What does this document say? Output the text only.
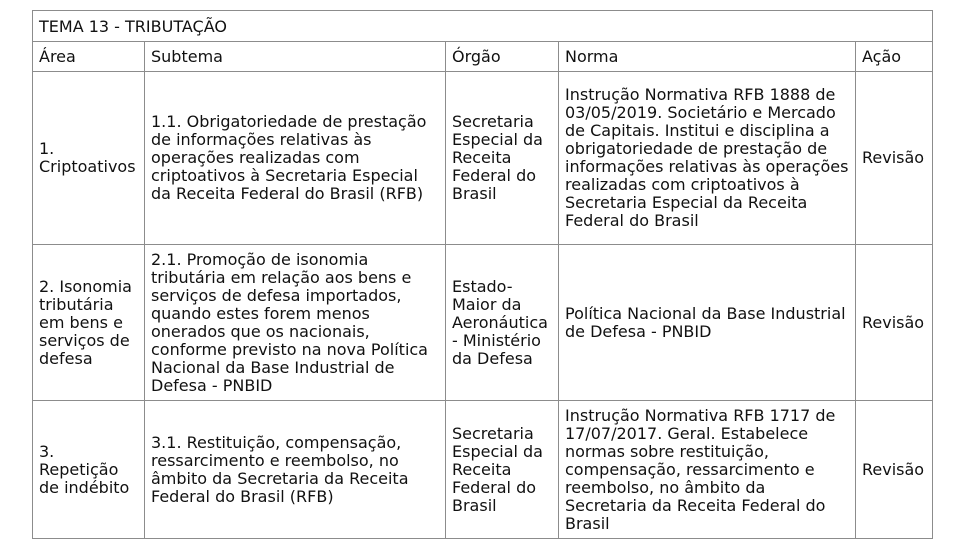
TEMA 13 - TRIBUTAÇÃO				
Área	Subtema	Órgão	Norma	Ação

1. Criptoativos	1.1. Obrigatoriedade de prestação de informações relativas às operações realizadas com criptoativos à Secretaria Especial da Receita Federal do Brasil (RFB)	Secretaria Especial da Receita Federal do Brasil	Instrução Normativa RFB 1888 de 03/05/2019. Societário e Mercado de Capitais. Institui e disciplina a obrigatoriedade de prestação de informações relativas às operações realizadas com criptoativos à Secretaria Especial da Receita Federal do Brasil	Revisão

2. Isonomia tributária em bens e serviços de defesa	2.1. Promoção de isonomia tributária em relação aos bens e serviços de defesa importados, quando estes forem menos onerados que os nacionais, conforme previsto na nova Política Nacional da Base Industrial de Defesa - PNBID	Estado-Maior da Aeronáutica - Ministério da Defesa	Política Nacional da Base Industrial de Defesa - PNBID	Revisão

3. Repetição de indébito	3.1. Restituição, compensação, ressarcimento e reembolso, no âmbito da Secretaria da Receita Federal do Brasil (RFB)	Secretaria Especial da Receita Federal do Brasil	Instrução Normativa RFB 1717 de 17/07/2017. Geral. Estabelece normas sobre restituição, compensação, ressarcimento e reembolso, no âmbito da Secretaria da Receita Federal do Brasil	Revisão
